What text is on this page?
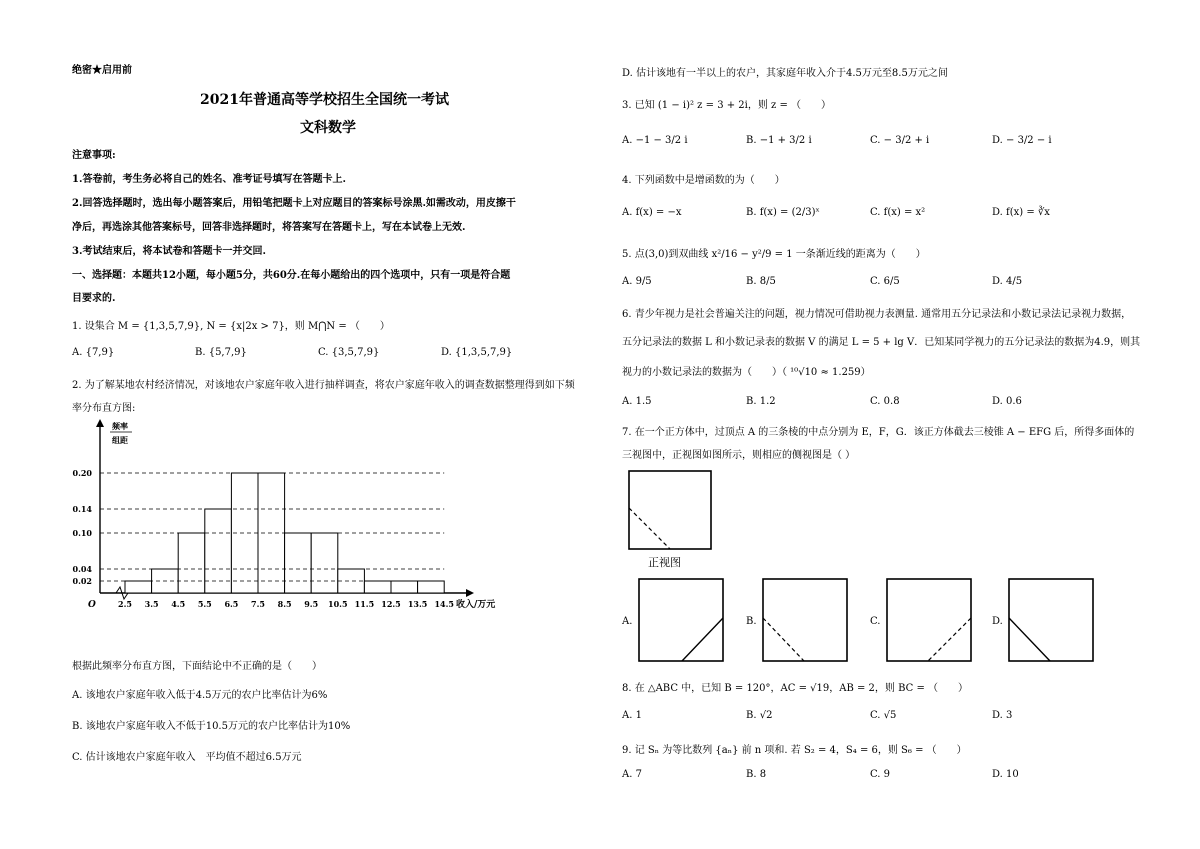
绝密★启用前
2021年普通高等学校招生全国统一考试
文科数学
注意事项:
1.答卷前，考生务必将自己的姓名、准考证号填写在答题卡上.
2.回答选择题时，选出每小题答案后，用铅笔把题卡上对应题目的答案标号涂黑.如需改动，用皮擦干
净后，再选涂其他答案标号，回答非选择题时，将答案写在答题卡上，写在本试卷上无效.
3.考试结束后，将本试卷和答题卡一并交回.
一、选择题：本题共12小题，每小题5分，共60分.在每小题给出的四个选项中，只有一项是符合题
目要求的.
1. 设集合 M = {1,3,5,7,9}, N = {x|2x > 7}，则 M⋂N = （　　）
A. {7,9}	B. {5,7,9}	C. {3,5,7,9}	D. {1,3,5,7,9}
2. 为了解某地农村经济情况，对该地农户家庭年收入进行抽样调查，将农户家庭年收入的调查数据整理得到如下频
率分布直方图:
根据此频率分布直方图，下面结论中不正确的是（　　）
A. 该地农户家庭年收入低于4.5万元的农户比率估计为6%
B. 该地农户家庭年收入不低于10.5万元的农户比率估计为10%
C. 估计该地农户家庭年收入　平均值不超过6.5万元
0.20
0.14
0.10
0.04
0.02
2.5 3.5 4.5 5.5 6.5 7.5 8.5 9.5 10.5 11.5 12.5 13.5 14.5
O
频率
组距
收入/万元
D. 估计该地有一半以上的农户，其家庭年收入介于4.5万元至8.5万元之间
3. 已知 (1 − i)² z = 3 + 2i，则 z = （　　）
A. −1 − 3/2 i	B. −1 + 3/2 i	C. − 3/2 + i	D. − 3/2 − i
4. 下列函数中是增函数的为（　　）
A. f(x) = −x	B. f(x) = (2/3)ˣ	C. f(x) = x²	D. f(x) = ∛x
5. 点(3,0)到双曲线 x²/16 − y²/9 = 1 一条渐近线的距离为（　　）
A. 9/5	B. 8/5	C. 6/5	D. 4/5
6. 青少年视力是社会普遍关注的问题，视力情况可借助视力表测量. 通常用五分记录法和小数记录法记录视力数据，
五分记录法的数据 L 和小数记录表的数据 V 的满足 L = 5 + lg V．已知某同学视力的五分记录法的数据为4.9，则其
视力的小数记录法的数据为（　　）（ ¹⁰√10 ≈ 1.259）
A. 1.5	B. 1.2	C. 0.8	D. 0.6
7. 在一个正方体中，过顶点 A 的三条棱的中点分别为 E，F，G．该正方体截去三棱锥 A − EFG 后，所得多面体的
三视图中，正视图如图所示，则相应的侧视图是（ ）
正视图
A.	B.	C.	D.
8. 在 △ABC 中，已知 B = 120°，AC = √19，AB = 2，则 BC = （　　）
A. 1	B. √2	C. √5	D. 3
9. 记 Sₙ 为等比数列 {aₙ} 前 n 项和. 若 S₂ = 4，S₄ = 6，则 S₆ = （　　）
A. 7	B. 8	C. 9	D. 10
